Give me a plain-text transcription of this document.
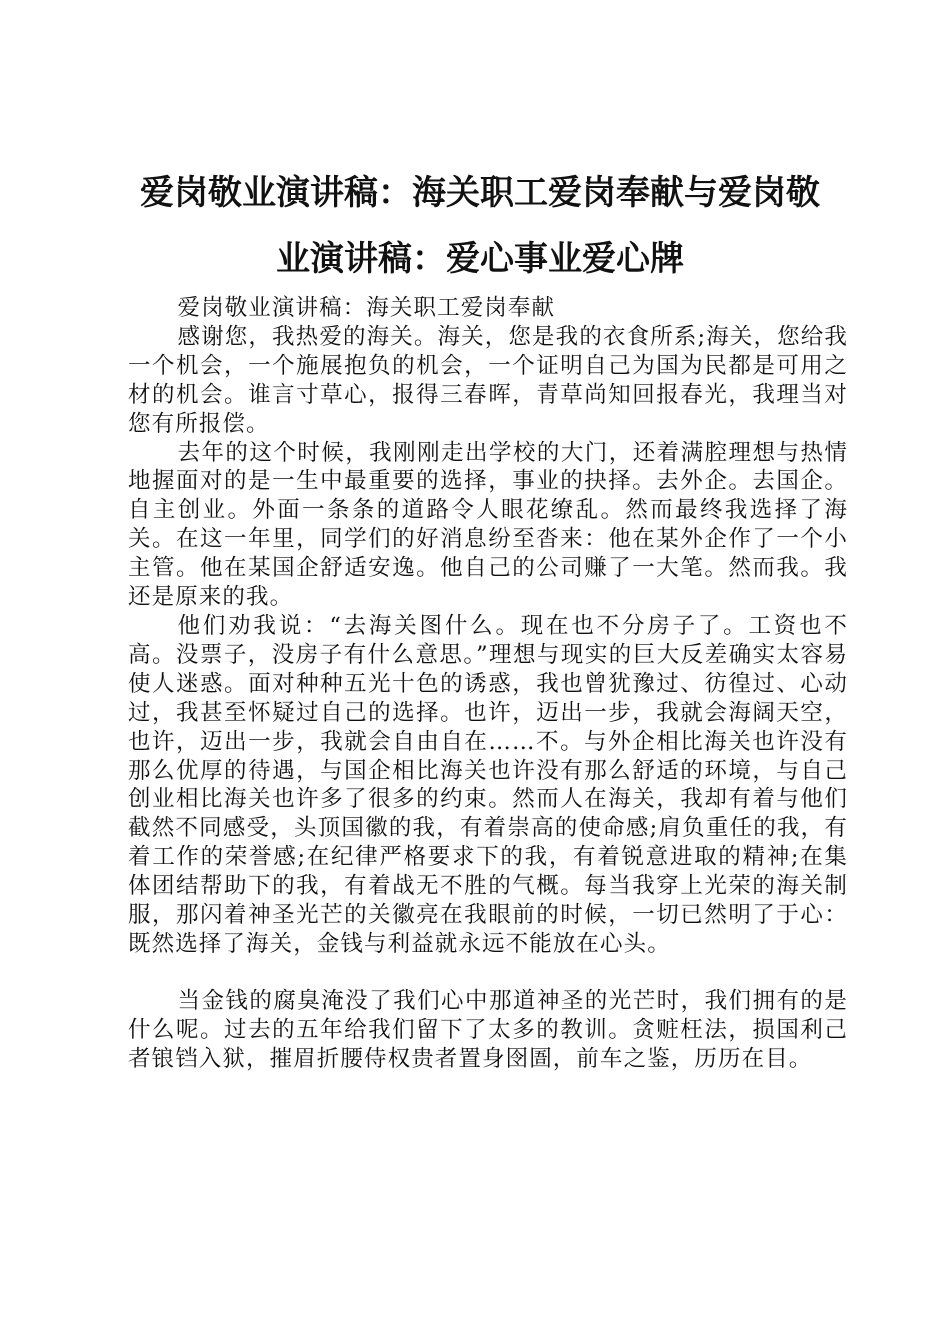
爱岗敬业演讲稿：海关职工爱岗奉献与爱岗敬
业演讲稿：爱心事业爱心牌

爱岗敬业演讲稿：海关职工爱岗奉献

感谢您，我热爱的海关。海关，您是我的衣食所系;海关，您给我一个机会，一个施展抱负的机会，一个证明自己为国为民都是可用之材的机会。谁言寸草心，报得三春晖，青草尚知回报春光，我理当对您有所报偿。

去年的这个时候，我刚刚走出学校的大门，还着满腔理想与热情地握面对的是一生中最重要的选择，事业的抉择。去外企。去国企。自主创业。外面一条条的道路令人眼花缭乱。然而最终我选择了海关。在这一年里，同学们的好消息纷至沓来：他在某外企作了一个小主管。他在某国企舒适安逸。他自己的公司赚了一大笔。然而我。我还是原来的我。

他们劝我说：“去海关图什么。现在也不分房子了。工资也不高。没票子，没房子有什么意思。”理想与现实的巨大反差确实太容易使人迷惑。面对种种五光十色的诱惑，我也曾犹豫过、彷徨过、心动过，我甚至怀疑过自己的选择。也许，迈出一步，我就会海阔天空，也许，迈出一步，我就会自由自在……不。与外企相比海关也许没有那么优厚的待遇，与国企相比海关也许没有那么舒适的环境，与自己创业相比海关也许多了很多的约束。然而人在海关，我却有着与他们截然不同感受，头顶国徽的我，有着崇高的使命感;肩负重任的我，有着工作的荣誉感;在纪律严格要求下的我，有着锐意进取的精神;在集体团结帮助下的我，有着战无不胜的气概。每当我穿上光荣的海关制服，那闪着神圣光芒的关徽亮在我眼前的时候，一切已然明了于心：既然选择了海关，金钱与利益就永远不能放在心头。

当金钱的腐臭淹没了我们心中那道神圣的光芒时，我们拥有的是什么呢。过去的五年给我们留下了太多的教训。贪赃枉法，损国利己者锒铛入狱，摧眉折腰侍权贵者置身囹圄，前车之鉴，历历在目。
